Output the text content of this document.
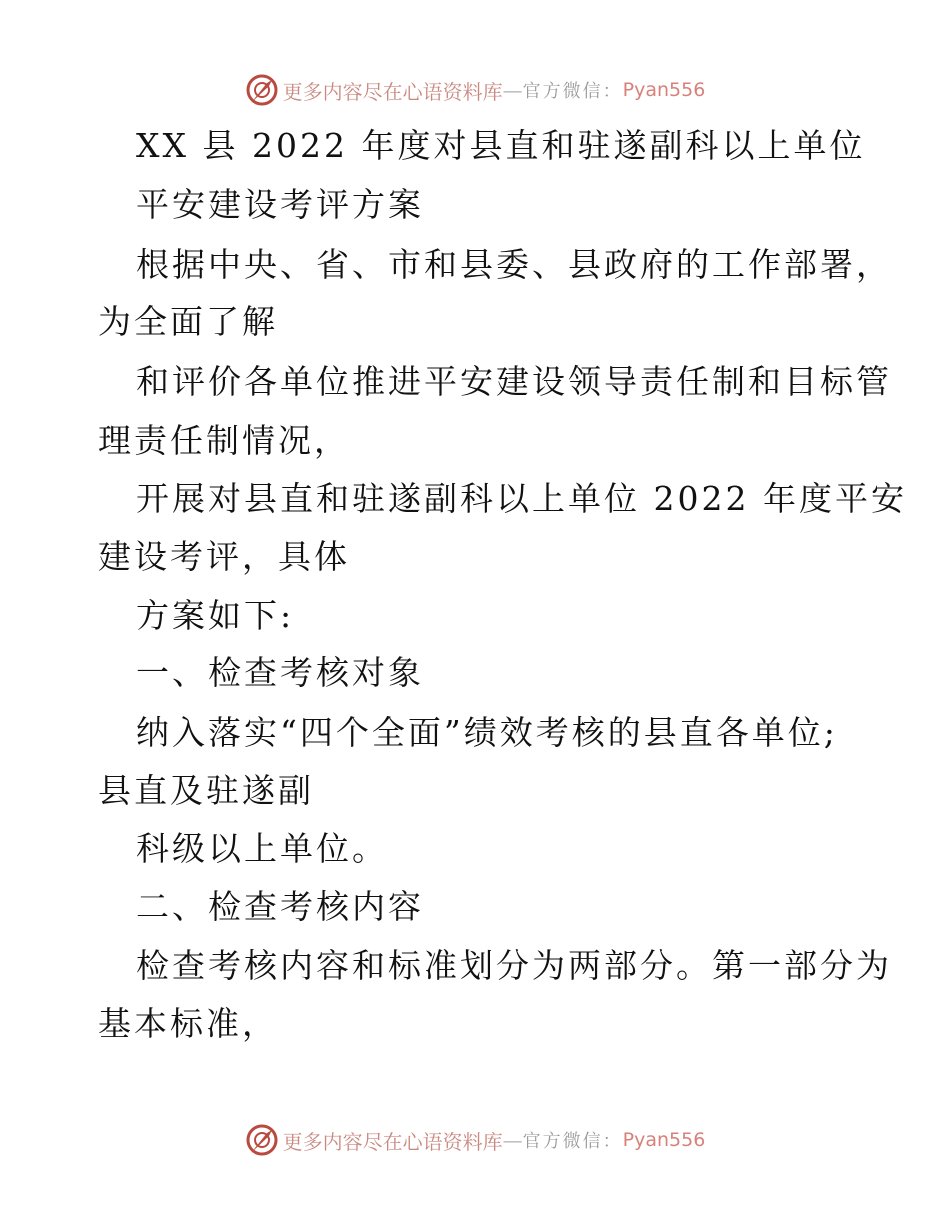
更多内容尽在心语资料库 — 官方微信： Pyan556
XX 县 2022 年度对县直和驻遂副科以上单位
平安建设考评方案
根据中央、省、市和县委、县政府的工作部署，
为全面了解
和评价各单位推进平安建设领导责任制和目标管
理责任制情况，
开展对县直和驻遂副科以上单位 2022 年度平安
建设考评，具体
方案如下:
一、检查考核对象
纳入落实“四个全面”绩效考核的县直各单位;
县直及驻遂副
科级以上单位。
二、检查考核内容
检查考核内容和标准划分为两部分。第一部分为
基本标准，
更多内容尽在心语资料库 — 官方微信： Pyan556
